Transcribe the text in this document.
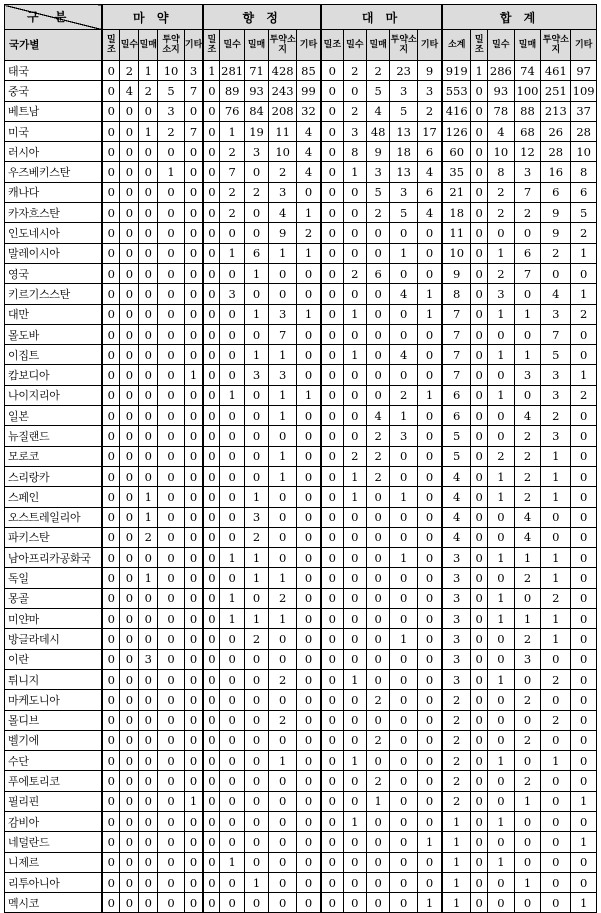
구 분	마 약					향 정					대 마					합 계					
국가별	밀조	밀수	밀매	투약소지	기타	밀조	밀수	밀매	투약소지	기타	밀조	밀수	밀매	투약소지	기타	소계	밀조	밀수	밀매	투약소지	기타
태국	0	2	1	10	3	1	281	71	428	85	0	2	2	23	9	919	1	286	74	461	97
중국	0	4	2	5	7	0	89	93	243	99	0	0	5	3	3	553	0	93	100	251	109
베트남	0	0	0	3	0	0	76	84	208	32	0	2	4	5	2	416	0	78	88	213	37
미국	0	0	1	2	7	0	1	19	11	4	0	3	48	13	17	126	0	4	68	26	28
러시아	0	0	0	0	0	0	2	3	10	4	0	8	9	18	6	60	0	10	12	28	10
우즈베키스탄	0	0	0	1	0	0	7	0	2	4	0	1	3	13	4	35	0	8	3	16	8
캐나다	0	0	0	0	0	0	2	2	3	0	0	0	5	3	6	21	0	2	7	6	6
카자흐스탄	0	0	0	0	0	0	2	0	4	1	0	0	2	5	4	18	0	2	2	9	5
인도네시아	0	0	0	0	0	0	0	0	9	2	0	0	0	0	0	11	0	0	0	9	2
말레이시아	0	0	0	0	0	0	1	6	1	1	0	0	0	1	0	10	0	1	6	2	1
영국	0	0	0	0	0	0	0	1	0	0	0	2	6	0	0	9	0	2	7	0	0
키르기스스탄	0	0	0	0	0	0	3	0	0	0	0	0	0	4	1	8	0	3	0	4	1
대만	0	0	0	0	0	0	0	1	3	1	0	1	0	0	1	7	0	1	1	3	2
몰도바	0	0	0	0	0	0	0	0	7	0	0	0	0	0	0	7	0	0	0	7	0
이집트	0	0	0	0	0	0	0	1	1	0	0	1	0	4	0	7	0	1	1	5	0
캄보디아	0	0	0	0	1	0	0	3	3	0	0	0	0	0	0	7	0	0	3	3	1
나이지리아	0	0	0	0	0	0	1	0	1	1	0	0	0	2	1	6	0	1	0	3	2
일본	0	0	0	0	0	0	0	0	1	0	0	0	4	1	0	6	0	0	4	2	0
뉴질랜드	0	0	0	0	0	0	0	0	0	0	0	0	2	3	0	5	0	0	2	3	0
모로코	0	0	0	0	0	0	0	0	1	0	0	2	2	0	0	5	0	2	2	1	0
스리랑카	0	0	0	0	0	0	0	0	1	0	0	1	2	0	0	4	0	1	2	1	0
스페인	0	0	1	0	0	0	0	1	0	0	0	1	0	1	0	4	0	1	2	1	0
오스트레일리아	0	0	1	0	0	0	0	3	0	0	0	0	0	0	0	4	0	0	4	0	0
파키스탄	0	0	2	0	0	0	0	2	0	0	0	0	0	0	0	4	0	0	4	0	0
남아프리카공화국	0	0	0	0	0	0	1	1	0	0	0	0	0	1	0	3	0	1	1	1	0
독일	0	0	1	0	0	0	0	1	1	0	0	0	0	0	0	3	0	0	2	1	0
몽골	0	0	0	0	0	0	1	0	2	0	0	0	0	0	0	3	0	1	0	2	0
미얀마	0	0	0	0	0	0	1	1	1	0	0	0	0	0	0	3	0	1	1	1	0
방글라데시	0	0	0	0	0	0	0	2	0	0	0	0	0	1	0	3	0	0	2	1	0
이란	0	0	3	0	0	0	0	0	0	0	0	0	0	0	0	3	0	0	3	0	0
튀니지	0	0	0	0	0	0	0	0	2	0	0	1	0	0	0	3	0	1	0	2	0
마케도니아	0	0	0	0	0	0	0	0	0	0	0	0	2	0	0	2	0	0	2	0	0
몰디브	0	0	0	0	0	0	0	0	2	0	0	0	0	0	0	2	0	0	0	2	0
벨기에	0	0	0	0	0	0	0	0	0	0	0	0	2	0	0	2	0	0	2	0	0
수단	0	0	0	0	0	0	0	0	1	0	0	1	0	0	0	2	0	1	0	1	0
푸에토리코	0	0	0	0	0	0	0	0	0	0	0	0	2	0	0	2	0	0	2	0	0
필리핀	0	0	0	0	1	0	0	0	0	0	0	0	1	0	0	2	0	0	1	0	1
감비아	0	0	0	0	0	0	0	0	0	0	0	1	0	0	0	1	0	1	0	0	0
네덜란드	0	0	0	0	0	0	0	0	0	0	0	0	0	0	1	1	0	0	0	0	1
니제르	0	0	0	0	0	0	1	0	0	0	0	0	0	0	0	1	0	1	0	0	0
리투아니아	0	0	0	0	0	0	0	1	0	0	0	0	0	0	0	1	0	0	1	0	0
멕시코	0	0	0	0	0	0	0	0	0	0	0	0	0	0	1	1	0	0	0	0	1
